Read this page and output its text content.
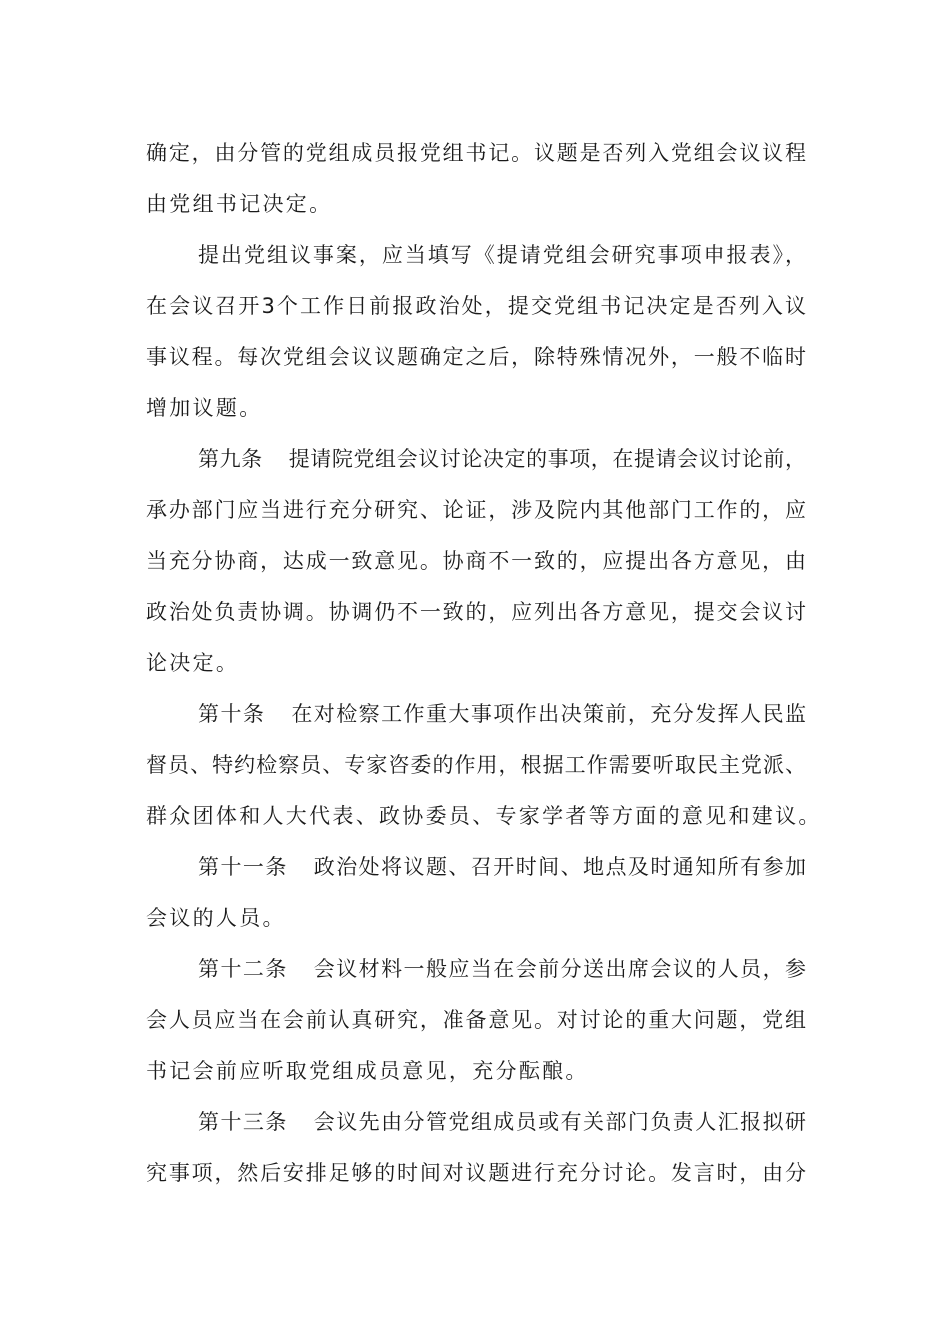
确定，由分管的党组成员报党组书记。议题是否列入党组会议议程
由党组书记决定。
提出党组议事案，应当填写《提请党组会研究事项申报表》，
在会议召开3个工作日前报政治处，提交党组书记决定是否列入议
事议程。每次党组会议议题确定之后，除特殊情况外，一般不临时
增加议题。
第九条 提请院党组会议讨论决定的事项，在提请会议讨论前，
承办部门应当进行充分研究、论证，涉及院内其他部门工作的，应
当充分协商，达成一致意见。协商不一致的，应提出各方意见，由
政治处负责协调。协调仍不一致的，应列出各方意见，提交会议讨
论决定。
第十条 在对检察工作重大事项作出决策前，充分发挥人民监
督员、特约检察员、专家咨委的作用，根据工作需要听取民主党派、
群众团体和人大代表、政协委员、专家学者等方面的意见和建议。
第十一条 政治处将议题、召开时间、地点及时通知所有参加
会议的人员。
第十二条 会议材料一般应当在会前分送出席会议的人员，参
会人员应当在会前认真研究，准备意见。对讨论的重大问题，党组
书记会前应听取党组成员意见，充分酝酿。
第十三条 会议先由分管党组成员或有关部门负责人汇报拟研
究事项，然后安排足够的时间对议题进行充分讨论。发言时，由分
